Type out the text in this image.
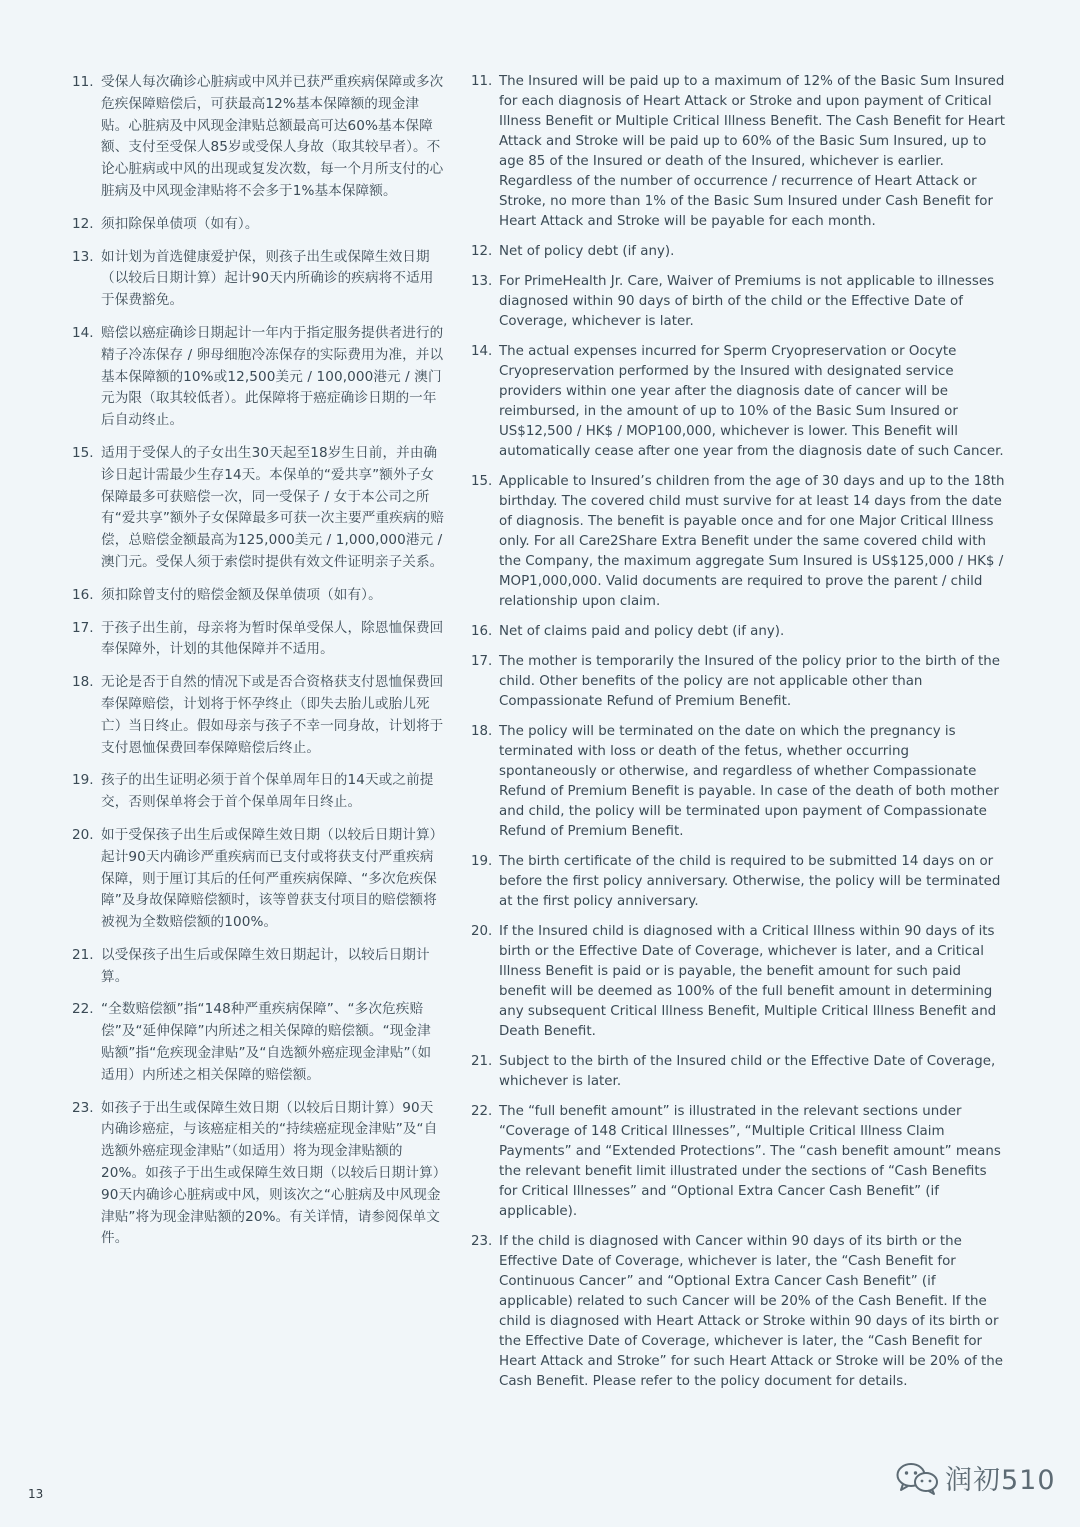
11. 受保人每次确诊心脏病或中风并已获严重疾病保障或多次危疾保障赔偿后，可获最高12%基本保障额的现金津贴。心脏病及中风现金津贴总额最高可达60%基本保障额、支付至受保人85岁或受保人身故（取其较早者）。不论心脏病或中风的出现或复发次数，每一个月所支付的心脏病及中风现金津贴将不会多于1%基本保障额。
12. 须扣除保单债项（如有）。
13. 如计划为首选健康爱护保，则孩子出生或保障生效日期（以较后日期计算）起计90天内所确诊的疾病将不适用于保费豁免。
14. 赔偿以癌症确诊日期起计一年内于指定服务提供者进行的精子冷冻保存 / 卵母细胞冷冻保存的实际费用为准，并以基本保障额的10%或12,500美元 / 100,000港元 / 澳门元为限（取其较低者）。此保障将于癌症确诊日期的一年后自动终止。
15. 适用于受保人的子女出生30天起至18岁生日前，并由确诊日起计需最少生存14天。本保单的“爱共享”额外子女保障最多可获赔偿一次，同一受保子 / 女于本公司之所有“爱共享”额外子女保障最多可获一次主要严重疾病的赔偿，总赔偿金额最高为125,000美元 / 1,000,000港元 / 澳门元。受保人须于索偿时提供有效文件证明亲子关系。
16. 须扣除曾支付的赔偿金额及保单债项（如有）。
17. 于孩子出生前，母亲将为暂时保单受保人，除恩恤保费回奉保障外，计划的其他保障并不适用。
18. 无论是否于自然的情况下或是否合资格获支付恩恤保费回奉保障赔偿，计划将于怀孕终止（即失去胎儿或胎儿死亡）当日终止。假如母亲与孩子不幸一同身故，计划将于支付恩恤保费回奉保障赔偿后终止。
19. 孩子的出生证明必须于首个保单周年日的14天或之前提交，否则保单将会于首个保单周年日终止。
20. 如于受保孩子出生后或保障生效日期（以较后日期计算）起计90天内确诊严重疾病而已支付或将获支付严重疾病保障，则于厘订其后的任何严重疾病保障、“多次危疾保障”及身故保障赔偿额时，该等曾获支付项目的赔偿额将被视为全数赔偿额的100%。
21. 以受保孩子出生后或保障生效日期起计，以较后日期计算。
22. “全数赔偿额”指“148种严重疾病保障”、“多次危疾赔偿”及“延伸保障”内所述之相关保障的赔偿额。“现金津贴额”指“危疾现金津贴”及“自选额外癌症现金津贴”（如适用）内所述之相关保障的赔偿额。
23. 如孩子于出生或保障生效日期（以较后日期计算）90天内确诊癌症，与该癌症相关的“持续癌症现金津贴”及“自选额外癌症现金津贴”（如适用）将为现金津贴额的20%。如孩子于出生或保障生效日期（以较后日期计算）90天内确诊心脏病或中风，则该次之“心脏病及中风现金津贴”将为现金津贴额的20%。有关详情，请参阅保单文件。
11. The Insured will be paid up to a maximum of 12% of the Basic Sum Insured for each diagnosis of Heart Attack or Stroke and upon payment of Critical Illness Benefit or Multiple Critical Illness Benefit. The Cash Benefit for Heart Attack and Stroke will be paid up to 60% of the Basic Sum Insured, up to age 85 of the Insured or death of the Insured, whichever is earlier. Regardless of the number of occurrence / recurrence of Heart Attack or Stroke, no more than 1% of the Basic Sum Insured under Cash Benefit for Heart Attack and Stroke will be payable for each month.
12. Net of policy debt (if any).
13. For PrimeHealth Jr. Care, Waiver of Premiums is not applicable to illnesses diagnosed within 90 days of birth of the child or the Effective Date of Coverage, whichever is later.
14. The actual expenses incurred for Sperm Cryopreservation or Oocyte Cryopreservation performed by the Insured with designated service providers within one year after the diagnosis date of cancer will be reimbursed, in the amount of up to 10% of the Basic Sum Insured or US$12,500 / HK$ / MOP100,000, whichever is lower. This Benefit will automatically cease after one year from the diagnosis date of such Cancer.
15. Applicable to Insured’s children from the age of 30 days and up to the 18th birthday. The covered child must survive for at least 14 days from the date of diagnosis. The benefit is payable once and for one Major Critical Illness only. For all Care2Share Extra Benefit under the same covered child with the Company, the maximum aggregate Sum Insured is US$125,000 / HK$ / MOP1,000,000. Valid documents are required to prove the parent / child relationship upon claim.
16. Net of claims paid and policy debt (if any).
17. The mother is temporarily the Insured of the policy prior to the birth of the child. Other benefits of the policy are not applicable other than Compassionate Refund of Premium Benefit.
18. The policy will be terminated on the date on which the pregnancy is terminated with loss or death of the fetus, whether occurring spontaneously or otherwise, and regardless of whether Compassionate Refund of Premium Benefit is payable. In case of the death of both mother and child, the policy will be terminated upon payment of Compassionate Refund of Premium Benefit.
19. The birth certificate of the child is required to be submitted 14 days on or before the first policy anniversary. Otherwise, the policy will be terminated at the first policy anniversary.
20. If the Insured child is diagnosed with a Critical Illness within 90 days of its birth or the Effective Date of Coverage, whichever is later, and a Critical Illness Benefit is paid or is payable, the benefit amount for such paid benefit will be deemed as 100% of the full benefit amount in determining any subsequent Critical Illness Benefit, Multiple Critical Illness Benefit and Death Benefit.
21. Subject to the birth of the Insured child or the Effective Date of Coverage, whichever is later.
22. The “full benefit amount” is illustrated in the relevant sections under “Coverage of 148 Critical Illnesses”, “Multiple Critical Illness Claim Payments” and “Extended Protections”. The “cash benefit amount” means the relevant benefit limit illustrated under the sections of “Cash Benefits for Critical Illnesses” and “Optional Extra Cancer Cash Benefit” (if applicable).
23. If the child is diagnosed with Cancer within 90 days of its birth or the Effective Date of Coverage, whichever is later, the “Cash Benefit for Continuous Cancer” and “Optional Extra Cancer Cash Benefit” (if applicable) related to such Cancer will be 20% of the Cash Benefit. If the child is diagnosed with Heart Attack or Stroke within 90 days of its birth or the Effective Date of Coverage, whichever is later, the “Cash Benefit for Heart Attack and Stroke” for such Heart Attack or Stroke will be 20% of the Cash Benefit. Please refer to the policy document for details.
13	润初510
